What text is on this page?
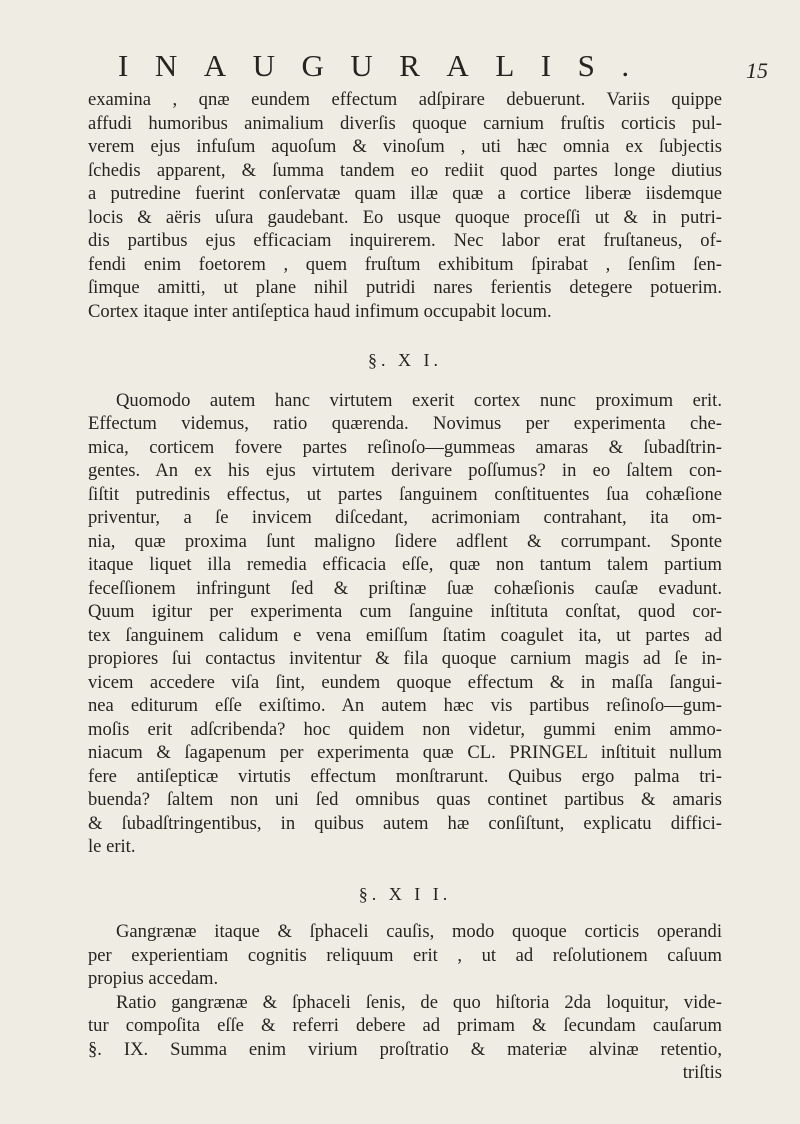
INAUGURALIS.	15
examina , qnæ eundem effectum adſpirare debuerunt. Variis quippe
affudi humoribus animalium diverſis quoque carnium fruſtis corticis pul-
verem ejus infuſum aquoſum & vinoſum , uti hæc omnia ex ſubjectis
ſchedis apparent, & ſumma tandem eo rediit quod partes longe diutius
a putredine fuerint conſervatæ quam illæ quæ a cortice liberæ iisdemque
locis & aëris uſura gaudebant. Eo usque quoque proceſſi ut & in putri-
dis partibus ejus efficaciam inquirerem. Nec labor erat fruſtaneus, of-
fendi enim foetorem , quem fruſtum exhibitum ſpirabat , ſenſim ſen-
ſimque amitti, ut plane nihil putridi nares ferientis detegere potuerim.
Cortex itaque inter antiſeptica haud infimum occupabit locum.
§. X I.
Quomodo autem hanc virtutem exerit cortex nunc proximum erit.
Effectum videmus, ratio quærenda. Novimus per experimenta che-
mica, corticem fovere partes reſinoſo—gummeas amaras & ſubadſtrin-
gentes. An ex his ejus virtutem derivare poſſumus? in eo ſaltem con-
ſiſtit putredinis effectus, ut partes ſanguinem conſtituentes ſua cohæſione
priventur, a ſe invicem diſcedant, acrimoniam contrahant, ita om-
nia, quæ proxima ſunt maligno ſidere adflent & corrumpant. Sponte
itaque liquet illa remedia efficacia eſſe, quæ non tantum talem partium
feceſſionem infringunt ſed & priſtinæ ſuæ cohæſionis cauſæ evadunt.
Quum igitur per experimenta cum ſanguine inſtituta conſtat, quod cor-
tex ſanguinem calidum e vena emiſſum ſtatim coagulet ita, ut partes ad
propiores ſui contactus invitentur & fila quoque carnium magis ad ſe in-
vicem accedere viſa ſint, eundem quoque effectum & in maſſa ſangui-
nea editurum eſſe exiſtimo. An autem hæc vis partibus reſinoſo—gum-
moſis erit adſcribenda? hoc quidem non videtur, gummi enim ammo-
niacum & ſagapenum per experimenta quæ CL. PRINGEL inſtituit nullum
fere antiſepticæ virtutis effectum monſtrarunt. Quibus ergo palma tri-
buenda? ſaltem non uni ſed omnibus quas continet partibus & amaris
& ſubadſtringentibus, in quibus autem hæ conſiſtunt, explicatu diffici-
le erit.
§. X I I.
Gangrænæ itaque & ſphaceli cauſis, modo quoque corticis operandi
per experientiam cognitis reliquum erit , ut ad reſolutionem caſuum
propius accedam.
Ratio gangrænæ & ſphaceli ſenis, de quo hiſtoria 2da loquitur, vide-
tur compoſita eſſe & referri debere ad primam & ſecundam cauſarum
§. IX. Summa enim virium proſtratio & materiæ alvinæ retentio,
triſtis
